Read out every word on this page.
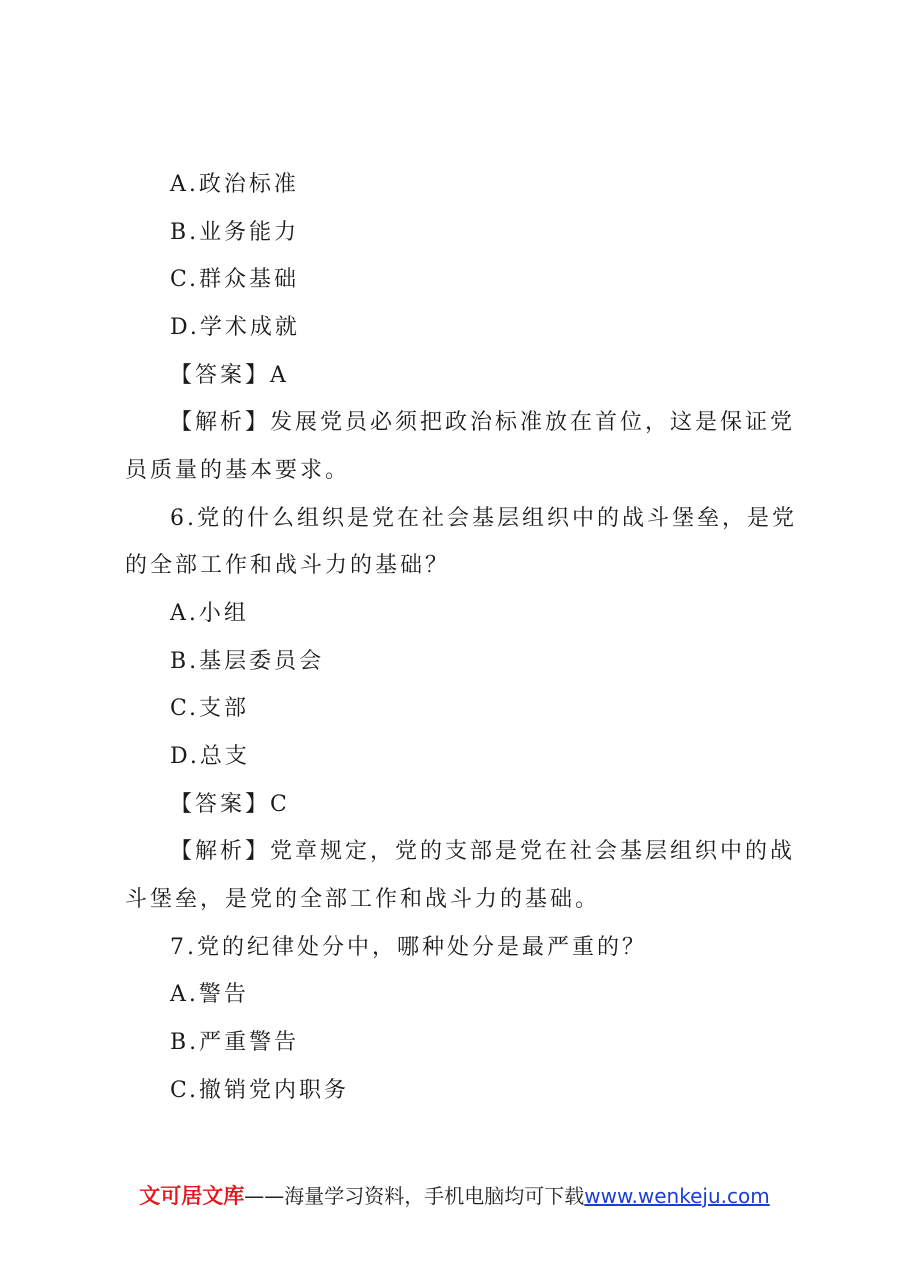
A.政治标准
B.业务能力
C.群众基础
D.学术成就
【答案】A
【解析】发展党员必须把政治标准放在首位，这是保证党
员质量的基本要求。
6.党的什么组织是党在社会基层组织中的战斗堡垒，是党
的全部工作和战斗力的基础？
A.小组
B.基层委员会
C.支部
D.总支
【答案】C
【解析】党章规定，党的支部是党在社会基层组织中的战
斗堡垒，是党的全部工作和战斗力的基础。
7.党的纪律处分中，哪种处分是最严重的？
A.警告
B.严重警告
C.撤销党内职务
文可居文库——海量学习资料，手机电脑均可下载www.wenkeju.com
